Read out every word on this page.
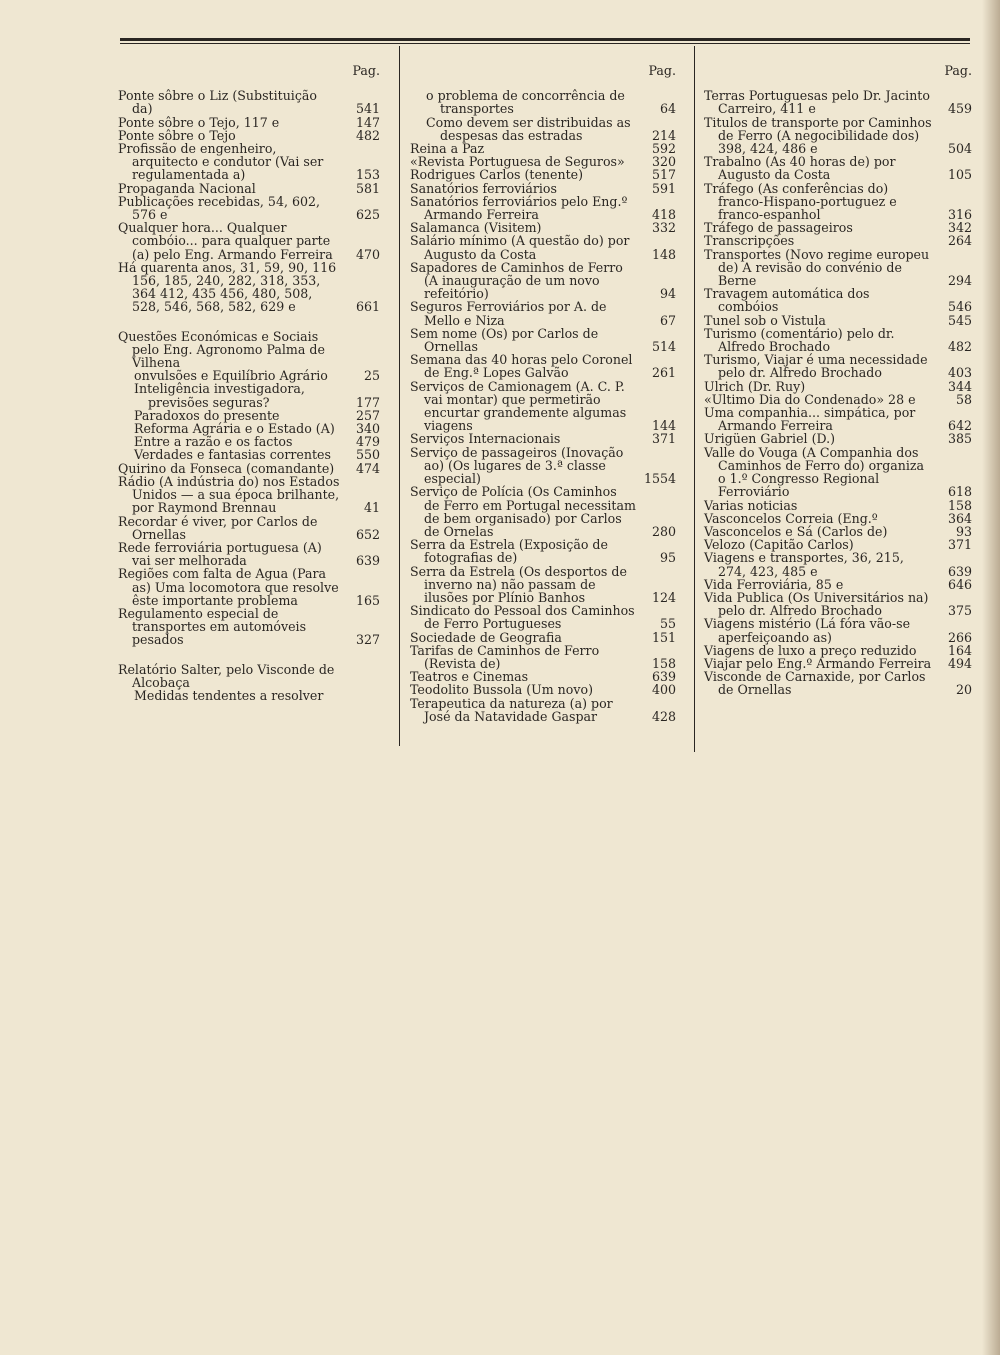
Pag.
Ponte sôbre o Liz (Substituição da)	541
Ponte sôbre o Tejo, 117 e	147
Ponte sôbre o Tejo	482
Profissão de engenheiro, arquitecto e condutor (Vai ser regulamentada a)	153
Propaganda Nacional	581
Publicações recebidas, 54, 602, 576 e	625
Qualquer hora... Qualquer combóio... para qualquer parte (a) pelo Eng. Armando Ferreira	470
Há quarenta anos, 31, 59, 90, 116 156, 185, 240, 282, 318, 353, 364 412, 435 456, 480, 508, 528, 546, 568, 582, 629 e	661
Questões Económicas e Sociais pelo Eng. Agronomo Palma de Vilhena
onvulsões e Equilíbrio Agrário	25
Inteligência investigadora, previsões seguras?	177
Paradoxos do presente	257
Reforma Agrária e o Estado (A)	340
Entre a razão e os factos	479
Verdades e fantasias correntes	550
Quirino da Fonseca (comandante)	474
Rádio (A indústria do) nos Estados Unidos — a sua época brilhante, por Raymond Brennau	41
Recordar é viver, por Carlos de Ornellas	652
Rede ferroviária portuguesa (A) vai ser melhorada	639
Regiões com falta de Agua (Para as) Uma locomotora que resolve êste importante problema	165
Regulamento especial de transportes em automóveis pesados	327
Relatório Salter, pelo Visconde de Alcobaça
Medidas tendentes a resolver
Pag.
o problema de concorrência de transportes	64
Como devem ser distribuidas as despesas das estradas	214
Reina a Paz	592
«Revista Portuguesa de Seguros»	320
Rodrigues Carlos (tenente)	517
Sanatórios ferroviários	591
Sanatórios ferroviários pelo Eng.º Armando Ferreira	418
Salamanca (Visitem)	332
Salário mínimo (A questão do) por Augusto da Costa	148
Sapadores de Caminhos de Ferro (A inauguração de um novo refeitório)	94
Seguros Ferroviários por A. de Mello e Niza	67
Sem nome (Os) por Carlos de Ornellas	514
Semana das 40 horas pelo Coronel de Eng.ª Lopes Galvão	261
Serviços de Camionagem (A. C. P. vai montar) que permetirão encurtar grandemente algumas viagens	144
Serviços Internacionais	371
Serviço de passageiros (Inovação ao) (Os lugares de 3.ª classe especial)	1554
Serviço de Polícia (Os Caminhos de Ferro em Portugal necessitam de bem organisado) por Carlos de Ornelas	280
Serra da Estrela (Exposição de fotografias de)	95
Serra da Estrela (Os desportos de inverno na) não passam de ilusões por Plínio Banhos	124
Sindicato do Pessoal dos Caminhos de Ferro Portugueses	55
Sociedade de Geografia	151
Tarifas de Caminhos de Ferro (Revista de)	158
Teatros e Cinemas	639
Teodolito Bussola (Um novo)	400
Terapeutica da natureza (a) por José da Natavidade Gaspar	428
Pag.
Terras Portuguesas pelo Dr. Jacinto Carreiro, 411 e	459
Titulos de transporte por Caminhos de Ferro (A negocibilidade dos) 398, 424, 486 e	504
Trabalno (As 40 horas de) por Augusto da Costa	105
Tráfego (As conferências do) franco-Hispano-portuguez e franco-espanhol	316
Tráfego de passageiros	342
Transcripções	264
Transportes (Novo regime europeu de) A revisão do convénio de Berne	294
Travagem automática dos combóios	546
Tunel sob o Vistula	545
Turismo (comentário) pelo dr. Alfredo Brochado	482
Turismo, Viajar é uma necessidade pelo dr. Alfredo Brochado	403
Ulrich (Dr. Ruy)	344
«Ultimo Dia do Condenado» 28 e	58
Uma companhia... simpática, por Armando Ferreira	642
Urigüen Gabriel (D.)	385
Valle do Vouga (A Companhia dos Caminhos de Ferro do) organiza o 1.º Congresso Regional Ferroviário	618
Varias noticias	158
Vasconcelos Correia (Eng.º	364
Vasconcelos e Sá (Carlos de)	93
Velozo (Capitão Carlos)	371
Viagens e transportes, 36, 215, 274, 423, 485 e	639
Vida Ferroviária, 85 e	646
Vida Publica (Os Universitários na) pelo dr. Alfredo Brochado	375
Viagens mistério (Lá fóra vão-se aperfeiçoando as)	266
Viagens de luxo a preço reduzido	164
Viajar pelo Eng.º Armando Ferreira	494
Visconde de Carnaxide, por Carlos de Ornellas	20
